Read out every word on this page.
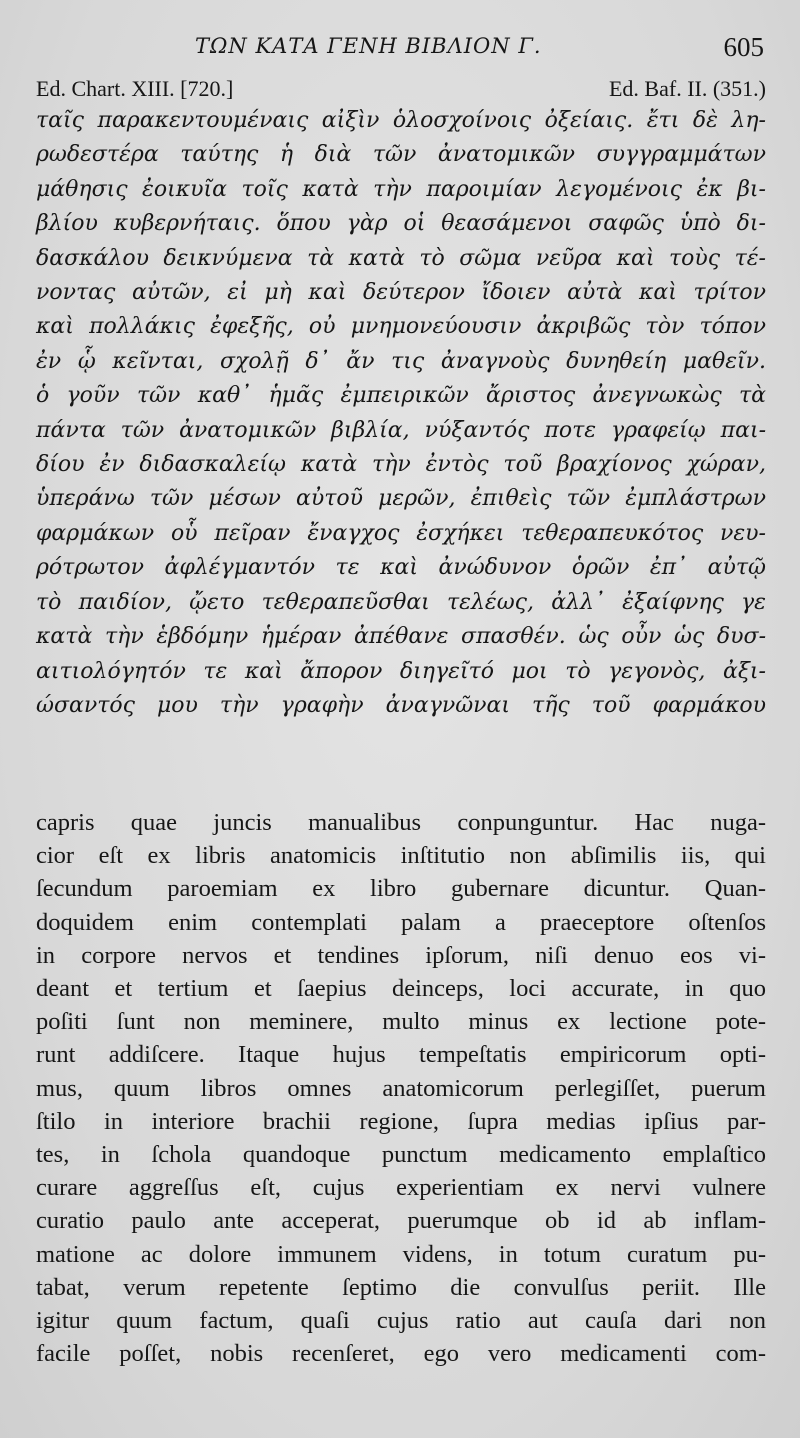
ΤΩΝ ΚΑΤΑ ΓΕΝΗ ΒΙΒΛΙΟΝ Γ.	605
Ed. Chart. XIII. [720.]	Ed. Baf. II. (351.)
ταῖς παρακεντουμέναις αἰξὶν ὁλοσχοίνοις ὀξείαις. ἔτι δὲ λη-
ρωδεστέρα ταύτης ἡ διὰ τῶν ἀνατομικῶν συγγραμμάτων
μάθησις ἐοικυῖα τοῖς κατὰ τὴν παροιμίαν λεγομένοις ἐκ βι-
βλίου κυβερνήταις. ὅπου γὰρ οἱ θεασάμενοι σαφῶς ὑπὸ δι-
δασκάλου δεικνύμενα τὰ κατὰ τὸ σῶμα νεῦρα καὶ τοὺς τέ-
νοντας αὐτῶν, εἰ μὴ καὶ δεύτερον ἴδοιεν αὐτὰ καὶ τρίτον
καὶ πολλάκις ἐφεξῆς, οὐ μνημονεύουσιν ἀκριβῶς τὸν τόπον
ἐν ᾧ κεῖνται, σχολῇ δ᾽ ἄν τις ἀναγνοὺς δυνηθείη μαθεῖν.
ὁ γοῦν τῶν καθ᾽ ἡμᾶς ἐμπειρικῶν ἄριστος ἀνεγνωκὼς τὰ
πάντα τῶν ἀνατομικῶν βιβλία, νύξαντός ποτε γραφείῳ παι-
δίου ἐν διδασκαλείῳ κατὰ τὴν ἐντὸς τοῦ βραχίονος χώραν,
ὑπεράνω τῶν μέσων αὐτοῦ μερῶν, ἐπιθεὶς τῶν ἐμπλάστρων
φαρμάκων οὗ πεῖραν ἔναγχος ἐσχήκει τεθεραπευκότος νευ-
ρότρωτον ἀφλέγμαντόν τε καὶ ἀνώδυνον ὁρῶν ἐπ᾽ αὐτῷ
τὸ παιδίον, ᾤετο τεθεραπεῦσθαι τελέως, ἀλλ᾽ ἐξαίφνης γε
κατὰ τὴν ἑβδόμην ἡμέραν ἀπέθανε σπασθέν. ὡς οὖν ὡς δυσ-
αιτιολόγητόν τε καὶ ἄπορον διηγεῖτό μοι τὸ γεγονὸς, ἀξι-
ώσαντός μου τὴν γραφὴν ἀναγνῶναι τῆς τοῦ φαρμάκου
capris quae juncis manualibus conpunguntur. Hac nuga-
cior eſt ex libris anatomicis inſtitutio non abſimilis iis, qui
ſecundum paroemiam ex libro gubernare dicuntur. Quan-
doquidem enim contemplati palam a praeceptore oſtenſos
in corpore nervos et tendines ipſorum, niſi denuo eos vi-
deant et tertium et ſaepius deinceps, loci accurate, in quo
poſiti ſunt non meminere, multo minus ex lectione pote-
runt addiſcere. Itaque hujus tempeſtatis empiricorum opti-
mus, quum libros omnes anatomicorum perlegiſſet, puerum
ſtilo in interiore brachii regione, ſupra medias ipſius par-
tes, in ſchola quandoque punctum medicamento emplaſtico
curare aggreſſus eſt, cujus experientiam ex nervi vulnere
curatio paulo ante acceperat, puerumque ob id ab inflam-
matione ac dolore immunem videns, in totum curatum pu-
tabat, verum repetente ſeptimo die convulſus periit. Ille
igitur quum factum, quaſi cujus ratio aut cauſa dari non
facile poſſet, nobis recenſeret, ego vero medicamenti com-
